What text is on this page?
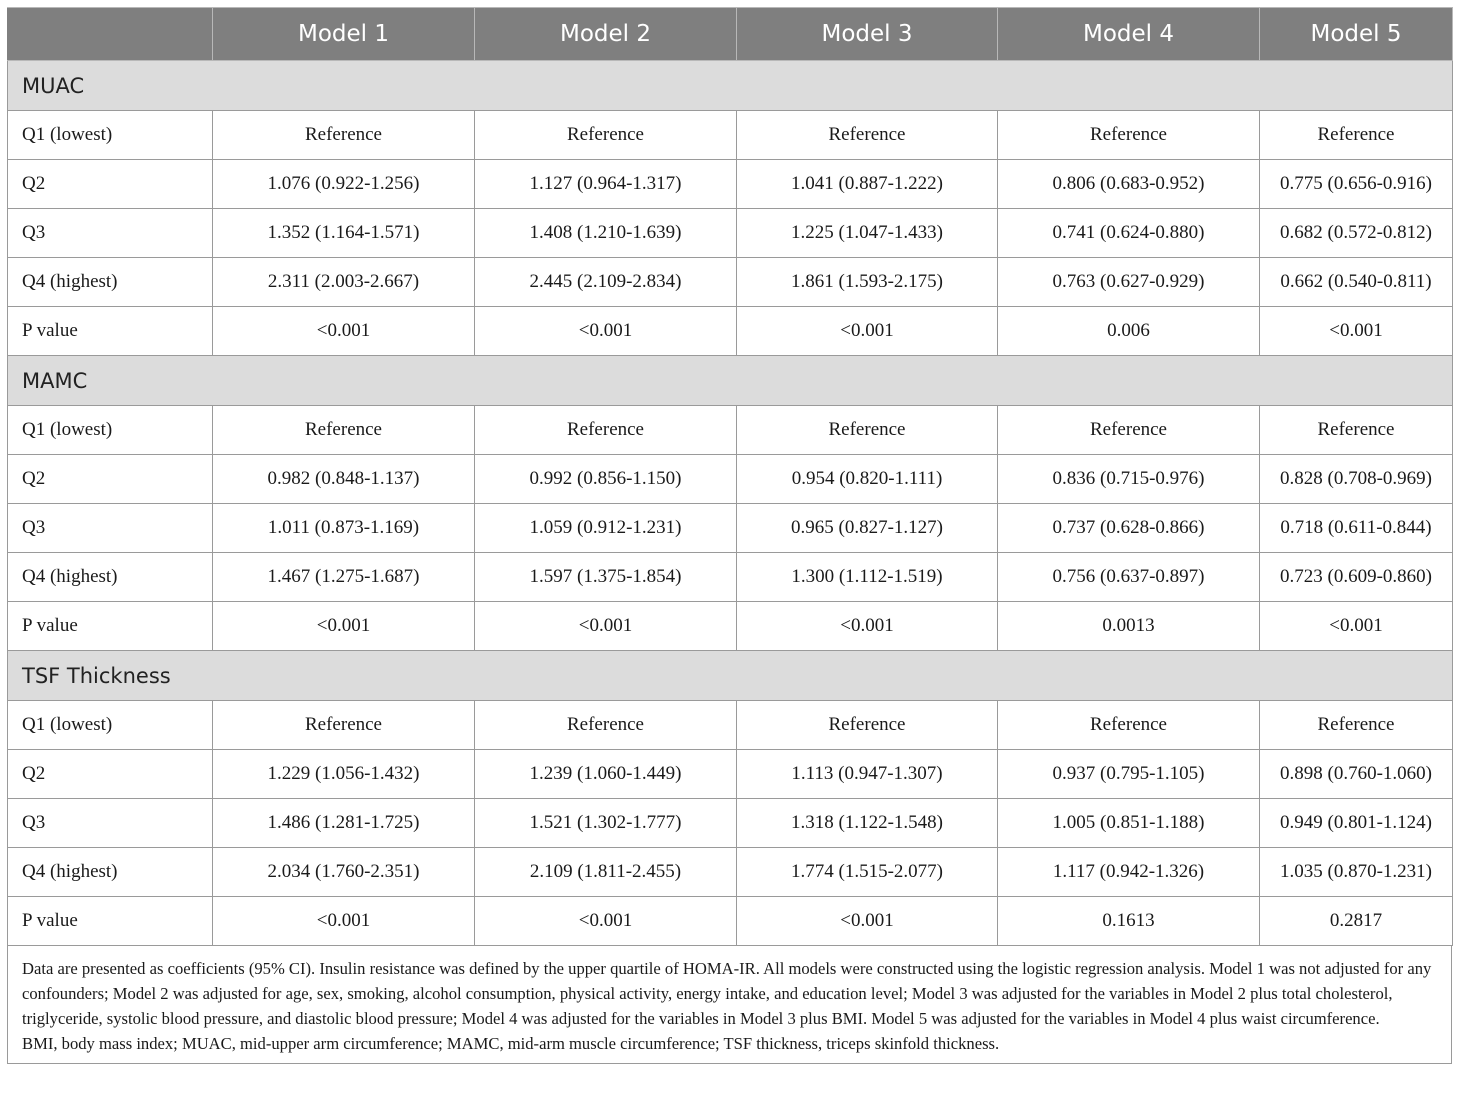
	Model 1	Model 2	Model 3	Model 4	Model 5
MUAC					
Q1 (lowest)	Reference	Reference	Reference	Reference	Reference
Q2	1.076 (0.922-1.256)	1.127 (0.964-1.317)	1.041 (0.887-1.222)	0.806 (0.683-0.952)	0.775 (0.656-0.916)
Q3	1.352 (1.164-1.571)	1.408 (1.210-1.639)	1.225 (1.047-1.433)	0.741 (0.624-0.880)	0.682 (0.572-0.812)
Q4 (highest)	2.311 (2.003-2.667)	2.445 (2.109-2.834)	1.861 (1.593-2.175)	0.763 (0.627-0.929)	0.662 (0.540-0.811)
P value	<0.001	<0.001	<0.001	0.006	<0.001
MAMC					
Q1 (lowest)	Reference	Reference	Reference	Reference	Reference
Q2	0.982 (0.848-1.137)	0.992 (0.856-1.150)	0.954 (0.820-1.111)	0.836 (0.715-0.976)	0.828 (0.708-0.969)
Q3	1.011 (0.873-1.169)	1.059 (0.912-1.231)	0.965 (0.827-1.127)	0.737 (0.628-0.866)	0.718 (0.611-0.844)
Q4 (highest)	1.467 (1.275-1.687)	1.597 (1.375-1.854)	1.300 (1.112-1.519)	0.756 (0.637-0.897)	0.723 (0.609-0.860)
P value	<0.001	<0.001	<0.001	0.0013	<0.001
TSF Thickness					
Q1 (lowest)	Reference	Reference	Reference	Reference	Reference
Q2	1.229 (1.056-1.432)	1.239 (1.060-1.449)	1.113 (0.947-1.307)	0.937 (0.795-1.105)	0.898 (0.760-1.060)
Q3	1.486 (1.281-1.725)	1.521 (1.302-1.777)	1.318 (1.122-1.548)	1.005 (0.851-1.188)	0.949 (0.801-1.124)
Q4 (highest)	2.034 (1.760-2.351)	2.109 (1.811-2.455)	1.774 (1.515-2.077)	1.117 (0.942-1.326)	1.035 (0.870-1.231)
P value	<0.001	<0.001	<0.001	0.1613	0.2817

Data are presented as coefficients (95% CI). Insulin resistance was defined by the upper quartile of HOMA-IR. All models were constructed using the logistic regression analysis. Model 1 was not adjusted for any confounders; Model 2 was adjusted for age, sex, smoking, alcohol consumption, physical activity, energy intake, and education level; Model 3 was adjusted for the variables in Model 2 plus total cholesterol, triglyceride, systolic blood pressure, and diastolic blood pressure; Model 4 was adjusted for the variables in Model 3 plus BMI. Model 5 was adjusted for the variables in Model 4 plus waist circumference.

BMI, body mass index; MUAC, mid-upper arm circumference; MAMC, mid-arm muscle circumference; TSF thickness, triceps skinfold thickness.
